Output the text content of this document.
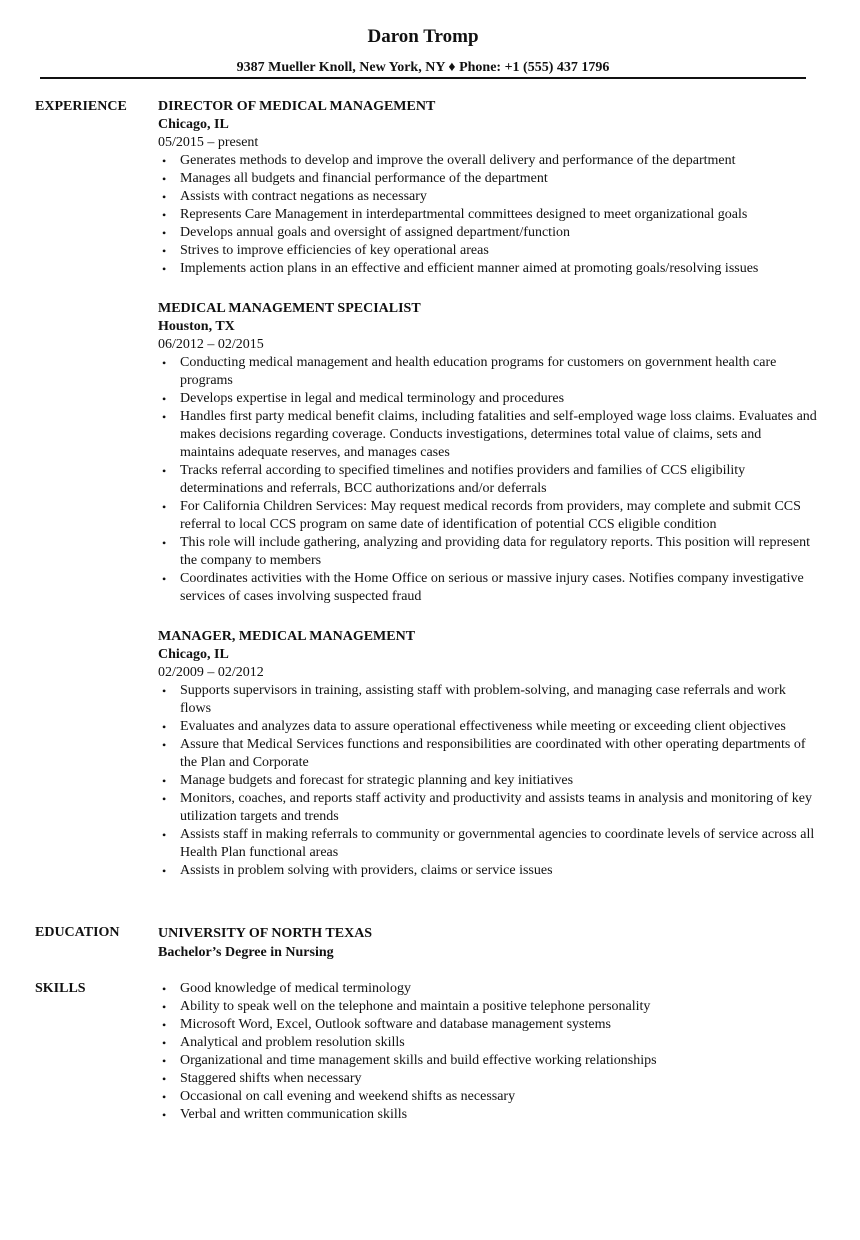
Daron Tromp
9387 Mueller Knoll, New York, NY ♦ Phone: +1 (555) 437 1796
EXPERIENCE DIRECTOR OF MEDICAL MANAGEMENT
Chicago, IL
05/2015 – present
• Generates methods to develop and improve the overall delivery and performance of the department
• Manages all budgets and financial performance of the department
• Assists with contract negations as necessary
• Represents Care Management in interdepartmental committees designed to meet organizational goals
• Develops annual goals and oversight of assigned department/function
• Strives to improve efficiencies of key operational areas
• Implements action plans in an effective and efficient manner aimed at promoting goals/resolving issues
MEDICAL MANAGEMENT SPECIALIST
Houston, TX
06/2012 – 02/2015
• Conducting medical management and health education programs for customers on government health care programs
• Develops expertise in legal and medical terminology and procedures
• Handles first party medical benefit claims, including fatalities and self-employed wage loss claims. Evaluates and makes decisions regarding coverage. Conducts investigations, determines total value of claims, sets and maintains adequate reserves, and manages cases
• Tracks referral according to specified timelines and notifies providers and families of CCS eligibility determinations and referrals, BCC authorizations and/or deferrals
• For California Children Services: May request medical records from providers, may complete and submit CCS referral to local CCS program on same date of identification of potential CCS eligible condition
• This role will include gathering, analyzing and providing data for regulatory reports. This position will represent the company to members
• Coordinates activities with the Home Office on serious or massive injury cases. Notifies company investigative services of cases involving suspected fraud
MANAGER, MEDICAL MANAGEMENT
Chicago, IL
02/2009 – 02/2012
• Supports supervisors in training, assisting staff with problem-solving, and managing case referrals and work flows
• Evaluates and analyzes data to assure operational effectiveness while meeting or exceeding client objectives
• Assure that Medical Services functions and responsibilities are coordinated with other operating departments of the Plan and Corporate
• Manage budgets and forecast for strategic planning and key initiatives
• Monitors, coaches, and reports staff activity and productivity and assists teams in analysis and monitoring of key utilization targets and trends
• Assists staff in making referrals to community or governmental agencies to coordinate levels of service across all Health Plan functional areas
• Assists in problem solving with providers, claims or service issues
EDUCATION	UNIVERSITY OF NORTH TEXAS
Bachelor’s Degree in Nursing
SKILLS	• Good knowledge of medical terminology
• Ability to speak well on the telephone and maintain a positive telephone personality
• Microsoft Word, Excel, Outlook software and database management systems
• Analytical and problem resolution skills
• Organizational and time management skills and build effective working relationships
• Staggered shifts when necessary
• Occasional on call evening and weekend shifts as necessary
• Verbal and written communication skills
